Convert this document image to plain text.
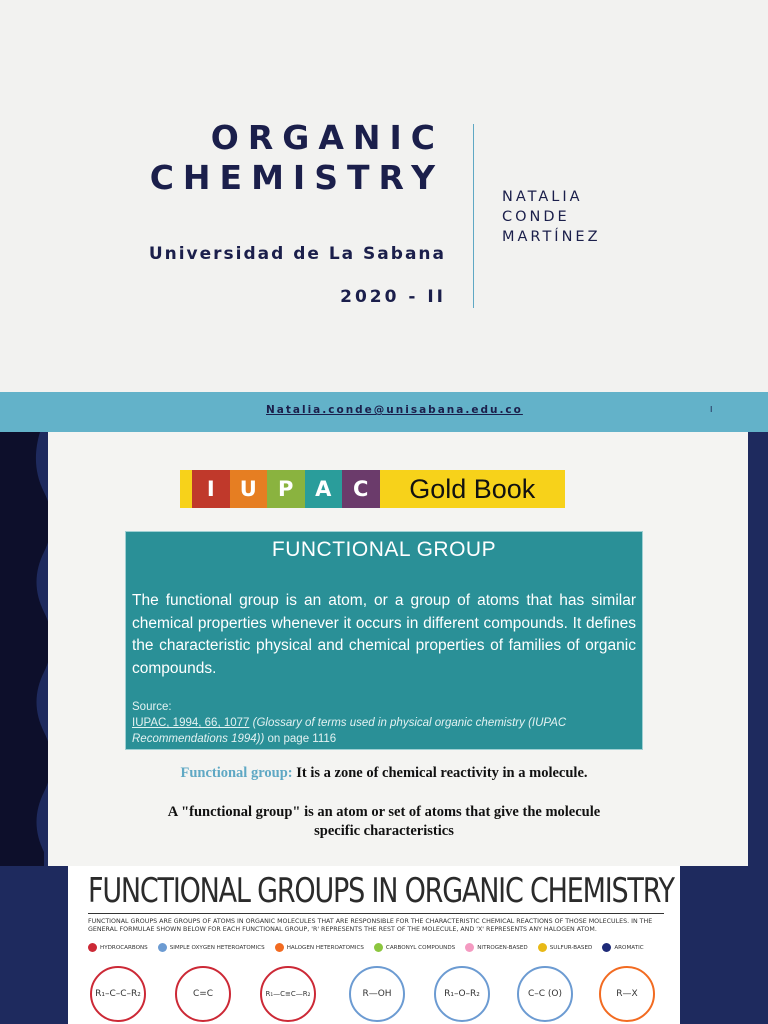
ORGANIC
CHEMISTRY
Universidad de La Sabana
2020 - II
NATALIA
CONDE
MARTÍNEZ
Natalia.conde@unisabana.edu.co	I
I	U	P	A	C	Gold Book
FUNCTIONAL GROUP
The functional group is an atom, or a group of atoms that has similar chemical properties whenever it occurs in different compounds. It defines the characteristic physical and chemical properties of families of organic compounds.
Source:
IUPAC, 1994, 66, 1077 (Glossary of terms used in physical organic chemistry (IUPAC Recommendations 1994)) on page 1116
Functional group: It is a zone of chemical reactivity in a molecule.
A "functional group" is an atom or set of atoms that give the molecule specific characteristics
FUNCTIONAL GROUPS IN ORGANIC CHEMISTRY
FUNCTIONAL GROUPS ARE GROUPS OF ATOMS IN ORGANIC MOLECULES THAT ARE RESPONSIBLE FOR THE CHARACTERISTIC CHEMICAL REACTIONS OF THOSE MOLECULES. IN THE GENERAL FORMULAE SHOWN BELOW FOR EACH FUNCTIONAL GROUP, 'R' REPRESENTS THE REST OF THE MOLECULE, AND 'X' REPRESENTS ANY HALOGEN ATOM.
HYDROCARBONS	SIMPLE OXYGEN HETEROATOMICS	HALOGEN HETEROATOMICS	CARBONYL COMPOUNDS	NITROGEN-BASED	SULFUR-BASED	AROMATIC
R₁–C–C–R₂	C=C	R₁—C≡C—R₂	R—OH	R₁–O–R₂	C–C (O)	R—X
